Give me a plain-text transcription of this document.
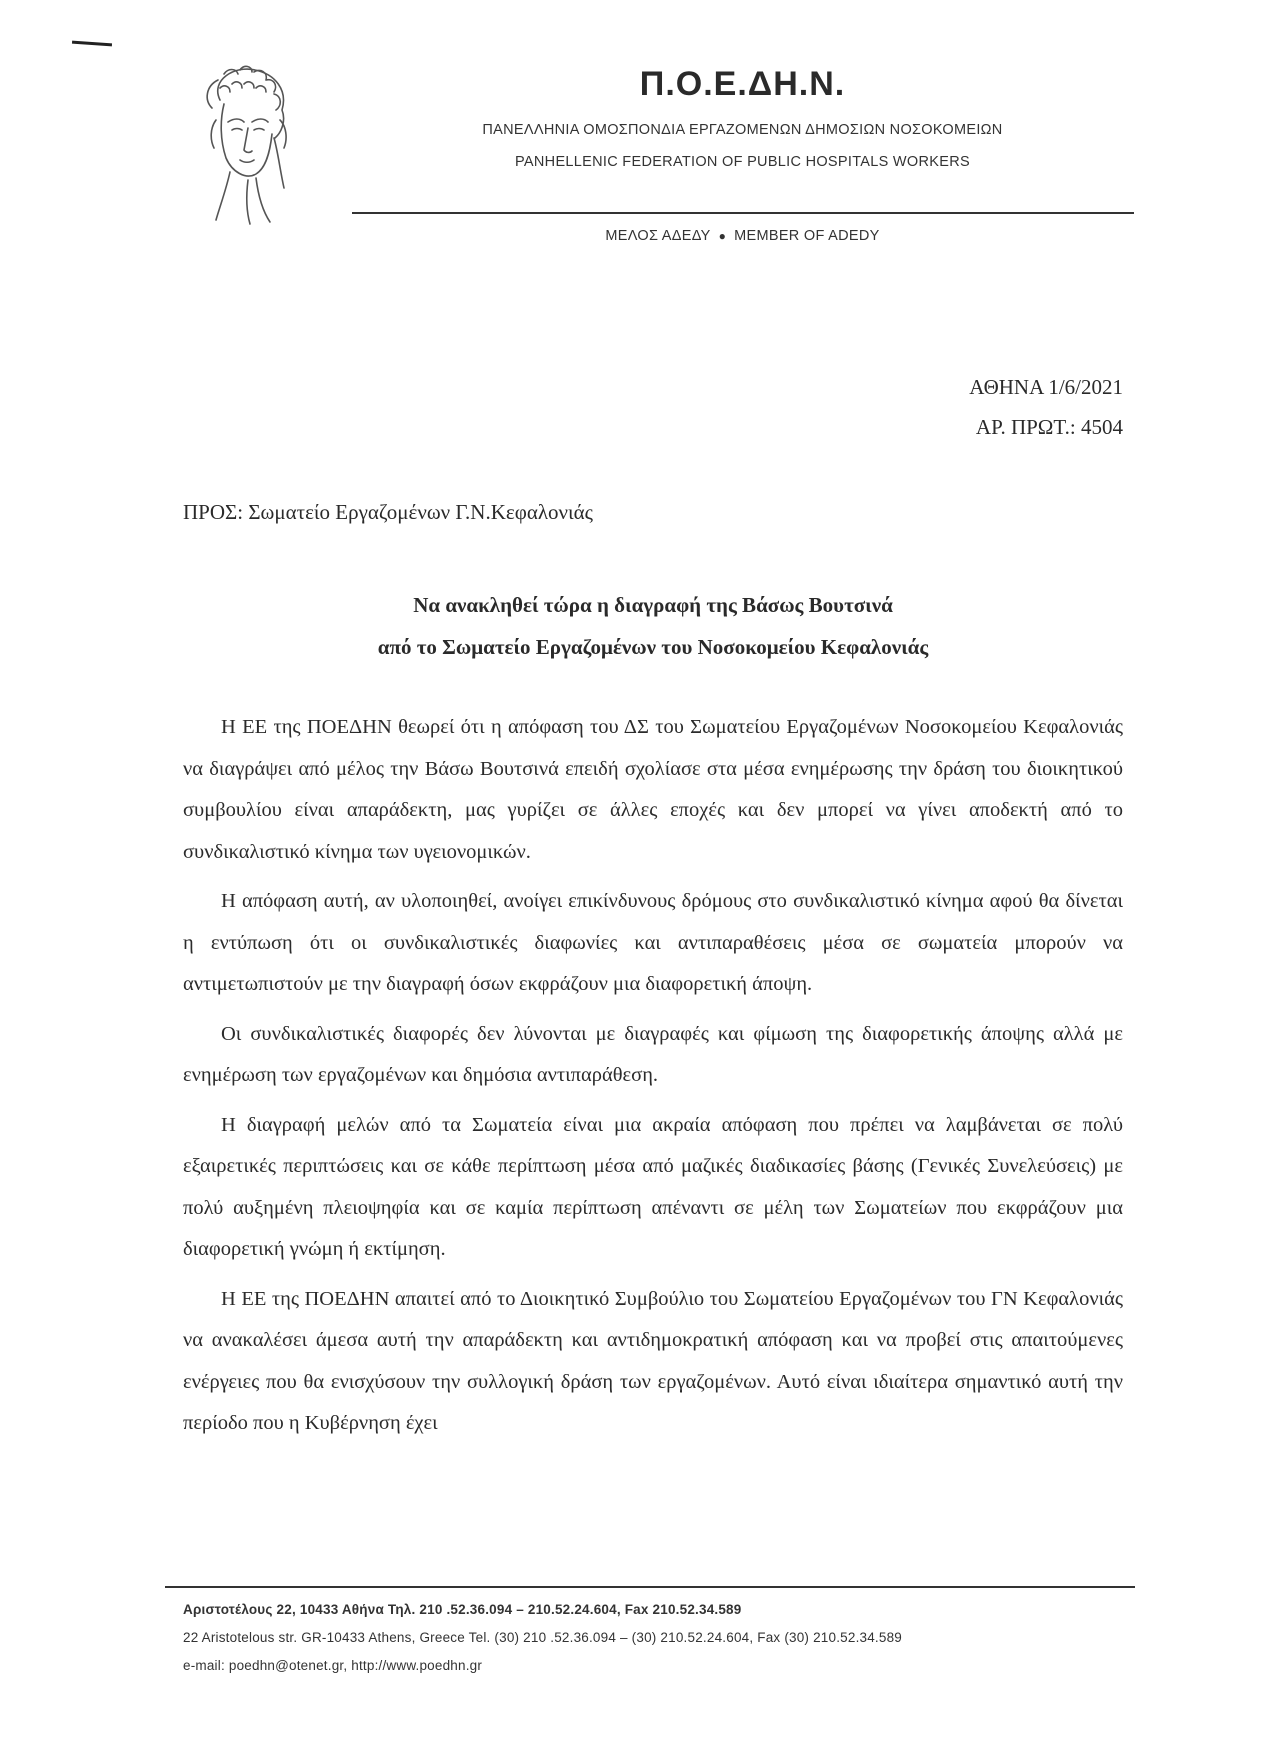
Π.Ο.Ε.ΔΗ.Ν.
ΠΑΝΕΛΛΗΝΙΑ ΟΜΟΣΠΟΝΔΙΑ ΕΡΓΑΖΟΜΕΝΩΝ ΔΗΜΟΣΙΩΝ ΝΟΣΟΚΟΜΕΙΩΝ
PANHELLENIC FEDERATION OF PUBLIC HOSPITALS WORKERS
ΜΕΛΟΣ ΑΔΕΔΥ ● MEMBER OF ADEDY
ΑΘΗΝΑ 1/6/2021
ΑΡ. ΠΡΩΤ.: 4504
ΠΡΟΣ: Σωματείο Εργαζομένων Γ.Ν.Κεφαλονιάς
Να ανακληθεί τώρα η διαγραφή της Βάσως Βουτσινά
από το Σωματείο Εργαζομένων του Νοσοκομείου Κεφαλονιάς

Η ΕΕ της ΠΟΕΔΗΝ θεωρεί ότι η απόφαση του ΔΣ του Σωματείου Εργαζομένων Νοσοκομείου Κεφαλονιάς να διαγράψει από μέλος την Βάσω Βουτσινά επειδή σχολίασε στα μέσα ενημέρωσης την δράση του διοικητικού συμβουλίου είναι απαράδεκτη, μας γυρίζει σε άλλες εποχές και δεν μπορεί να γίνει αποδεκτή από το συνδικαλιστικό κίνημα των υγειονομικών.

Η απόφαση αυτή, αν υλοποιηθεί, ανοίγει επικίνδυνους δρόμους στο συνδικαλιστικό κίνημα αφού θα δίνεται η εντύπωση ότι οι συνδικαλιστικές διαφωνίες και αντιπαραθέσεις μέσα σε σωματεία μπορούν να αντιμετωπιστούν με την διαγραφή όσων εκφράζουν μια διαφορετική άποψη.

Οι συνδικαλιστικές διαφορές δεν λύνονται με διαγραφές και φίμωση της διαφορετικής άποψης αλλά με ενημέρωση των εργαζομένων και δημόσια αντιπαράθεση.

Η διαγραφή μελών από τα Σωματεία είναι μια ακραία απόφαση που πρέπει να λαμβάνεται σε πολύ εξαιρετικές περιπτώσεις και σε κάθε περίπτωση μέσα από μαζικές διαδικασίες βάσης (Γενικές Συνελεύσεις) με πολύ αυξημένη πλειοψηφία και σε καμία περίπτωση απέναντι σε μέλη των Σωματείων που εκφράζουν μια διαφορετική γνώμη ή εκτίμηση.

Η ΕΕ της ΠΟΕΔΗΝ απαιτεί από το Διοικητικό Συμβούλιο του Σωματείου Εργαζομένων του ΓΝ Κεφαλονιάς να ανακαλέσει άμεσα αυτή την απαράδεκτη και αντιδημοκρατική απόφαση και να προβεί στις απαιτούμενες ενέργειες που θα ενισχύσουν την συλλογική δράση των εργαζομένων. Αυτό είναι ιδιαίτερα σημαντικό αυτή την περίοδο που η Κυβέρνηση έχει

Αριστοτέλους 22, 10433 Αθήνα Τηλ. 210 .52.36.094 – 210.52.24.604, Fax 210.52.34.589
22 Aristotelous str. GR-10433 Athens, Greece Tel. (30) 210 .52.36.094 – (30) 210.52.24.604, Fax (30) 210.52.34.589
e-mail: poedhn@otenet.gr, http://www.poedhn.gr
